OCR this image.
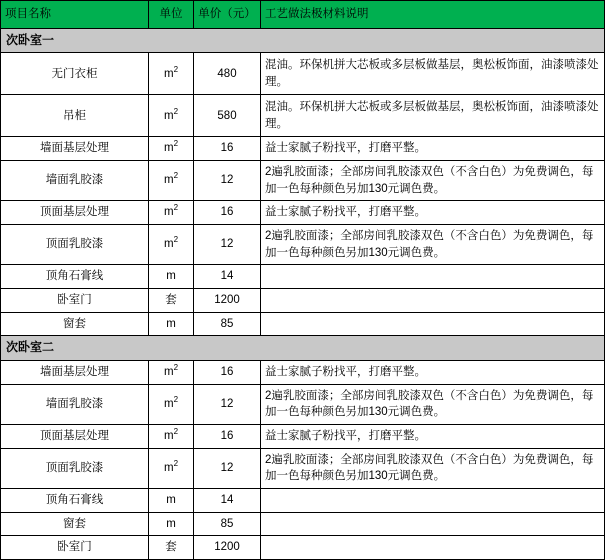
项目名称	单位	单价（元）	工艺做法极材料说明
次卧室一			
无门衣柜	$m^2$	480	混油。环保机拼大芯板或多层板做基层，奥松板饰面，油漆喷漆处理。
吊柜	$m^2$	580	混油。环保机拼大芯板或多层板做基层，奥松板饰面，油漆喷漆处理。
墙面基层处理	$m^2$	16	益士家腻子粉找平，打磨平整。
墙面乳胶漆	$m^2$	12	2遍乳胶面漆；全部房间乳胶漆双色（不含白色）为免费调色，每加一色每种颜色另加130元调色费。
顶面基层处理	$m^2$	16	益士家腻子粉找平，打磨平整。
顶面乳胶漆	$m^2$	12	2遍乳胶面漆；全部房间乳胶漆双色（不含白色）为免费调色，每加一色每种颜色另加130元调色费。
顶角石膏线	m	14	
卧室门	套	1200	
窗套	m	85	
次卧室二			
墙面基层处理	$m^2$	16	益士家腻子粉找平，打磨平整。
墙面乳胶漆	$m^2$	12	2遍乳胶面漆；全部房间乳胶漆双色（不含白色）为免费调色，每加一色每种颜色另加130元调色费。
顶面基层处理	$m^2$	16	益士家腻子粉找平，打磨平整。
顶面乳胶漆	$m^2$	12	2遍乳胶面漆；全部房间乳胶漆双色（不含白色）为免费调色，每加一色每种颜色另加130元调色费。
顶角石膏线	m	14	
窗套	m	85	
卧室门	套	1200	
